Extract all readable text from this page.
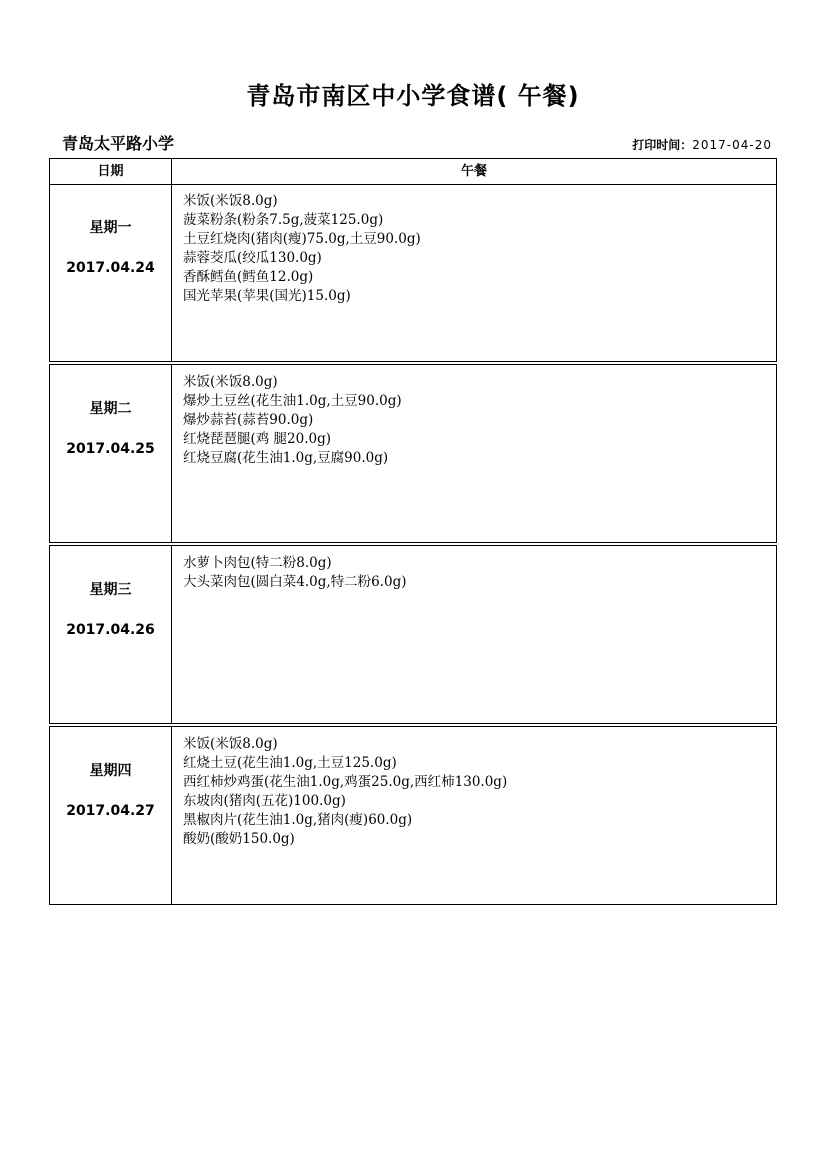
青岛市南区中小学食谱( 午餐)
青岛太平路小学	打印时间：2017-04-20
日期	午餐
星期一
2017.04.24
米饭(米饭8.0g)
菠菜粉条(粉条7.5g,菠菜125.0g)
土豆红烧肉(猪肉(瘦)75.0g,土豆90.0g)
蒜蓉茭瓜(绞瓜130.0g)
香酥鳕鱼(鳕鱼12.0g)
国光苹果(苹果(国光)15.0g)
星期二
2017.04.25
米饭(米饭8.0g)
爆炒土豆丝(花生油1.0g,土豆90.0g)
爆炒蒜苔(蒜苔90.0g)
红烧琵琶腿(鸡 腿20.0g)
红烧豆腐(花生油1.0g,豆腐90.0g)
星期三
2017.04.26
水萝卜肉包(特二粉8.0g)
大头菜肉包(圆白菜4.0g,特二粉6.0g)
星期四
2017.04.27
米饭(米饭8.0g)
红烧土豆(花生油1.0g,土豆125.0g)
西红柿炒鸡蛋(花生油1.0g,鸡蛋25.0g,西红柿130.0g)
东坡肉(猪肉(五花)100.0g)
黑椒肉片(花生油1.0g,猪肉(瘦)60.0g)
酸奶(酸奶150.0g)
